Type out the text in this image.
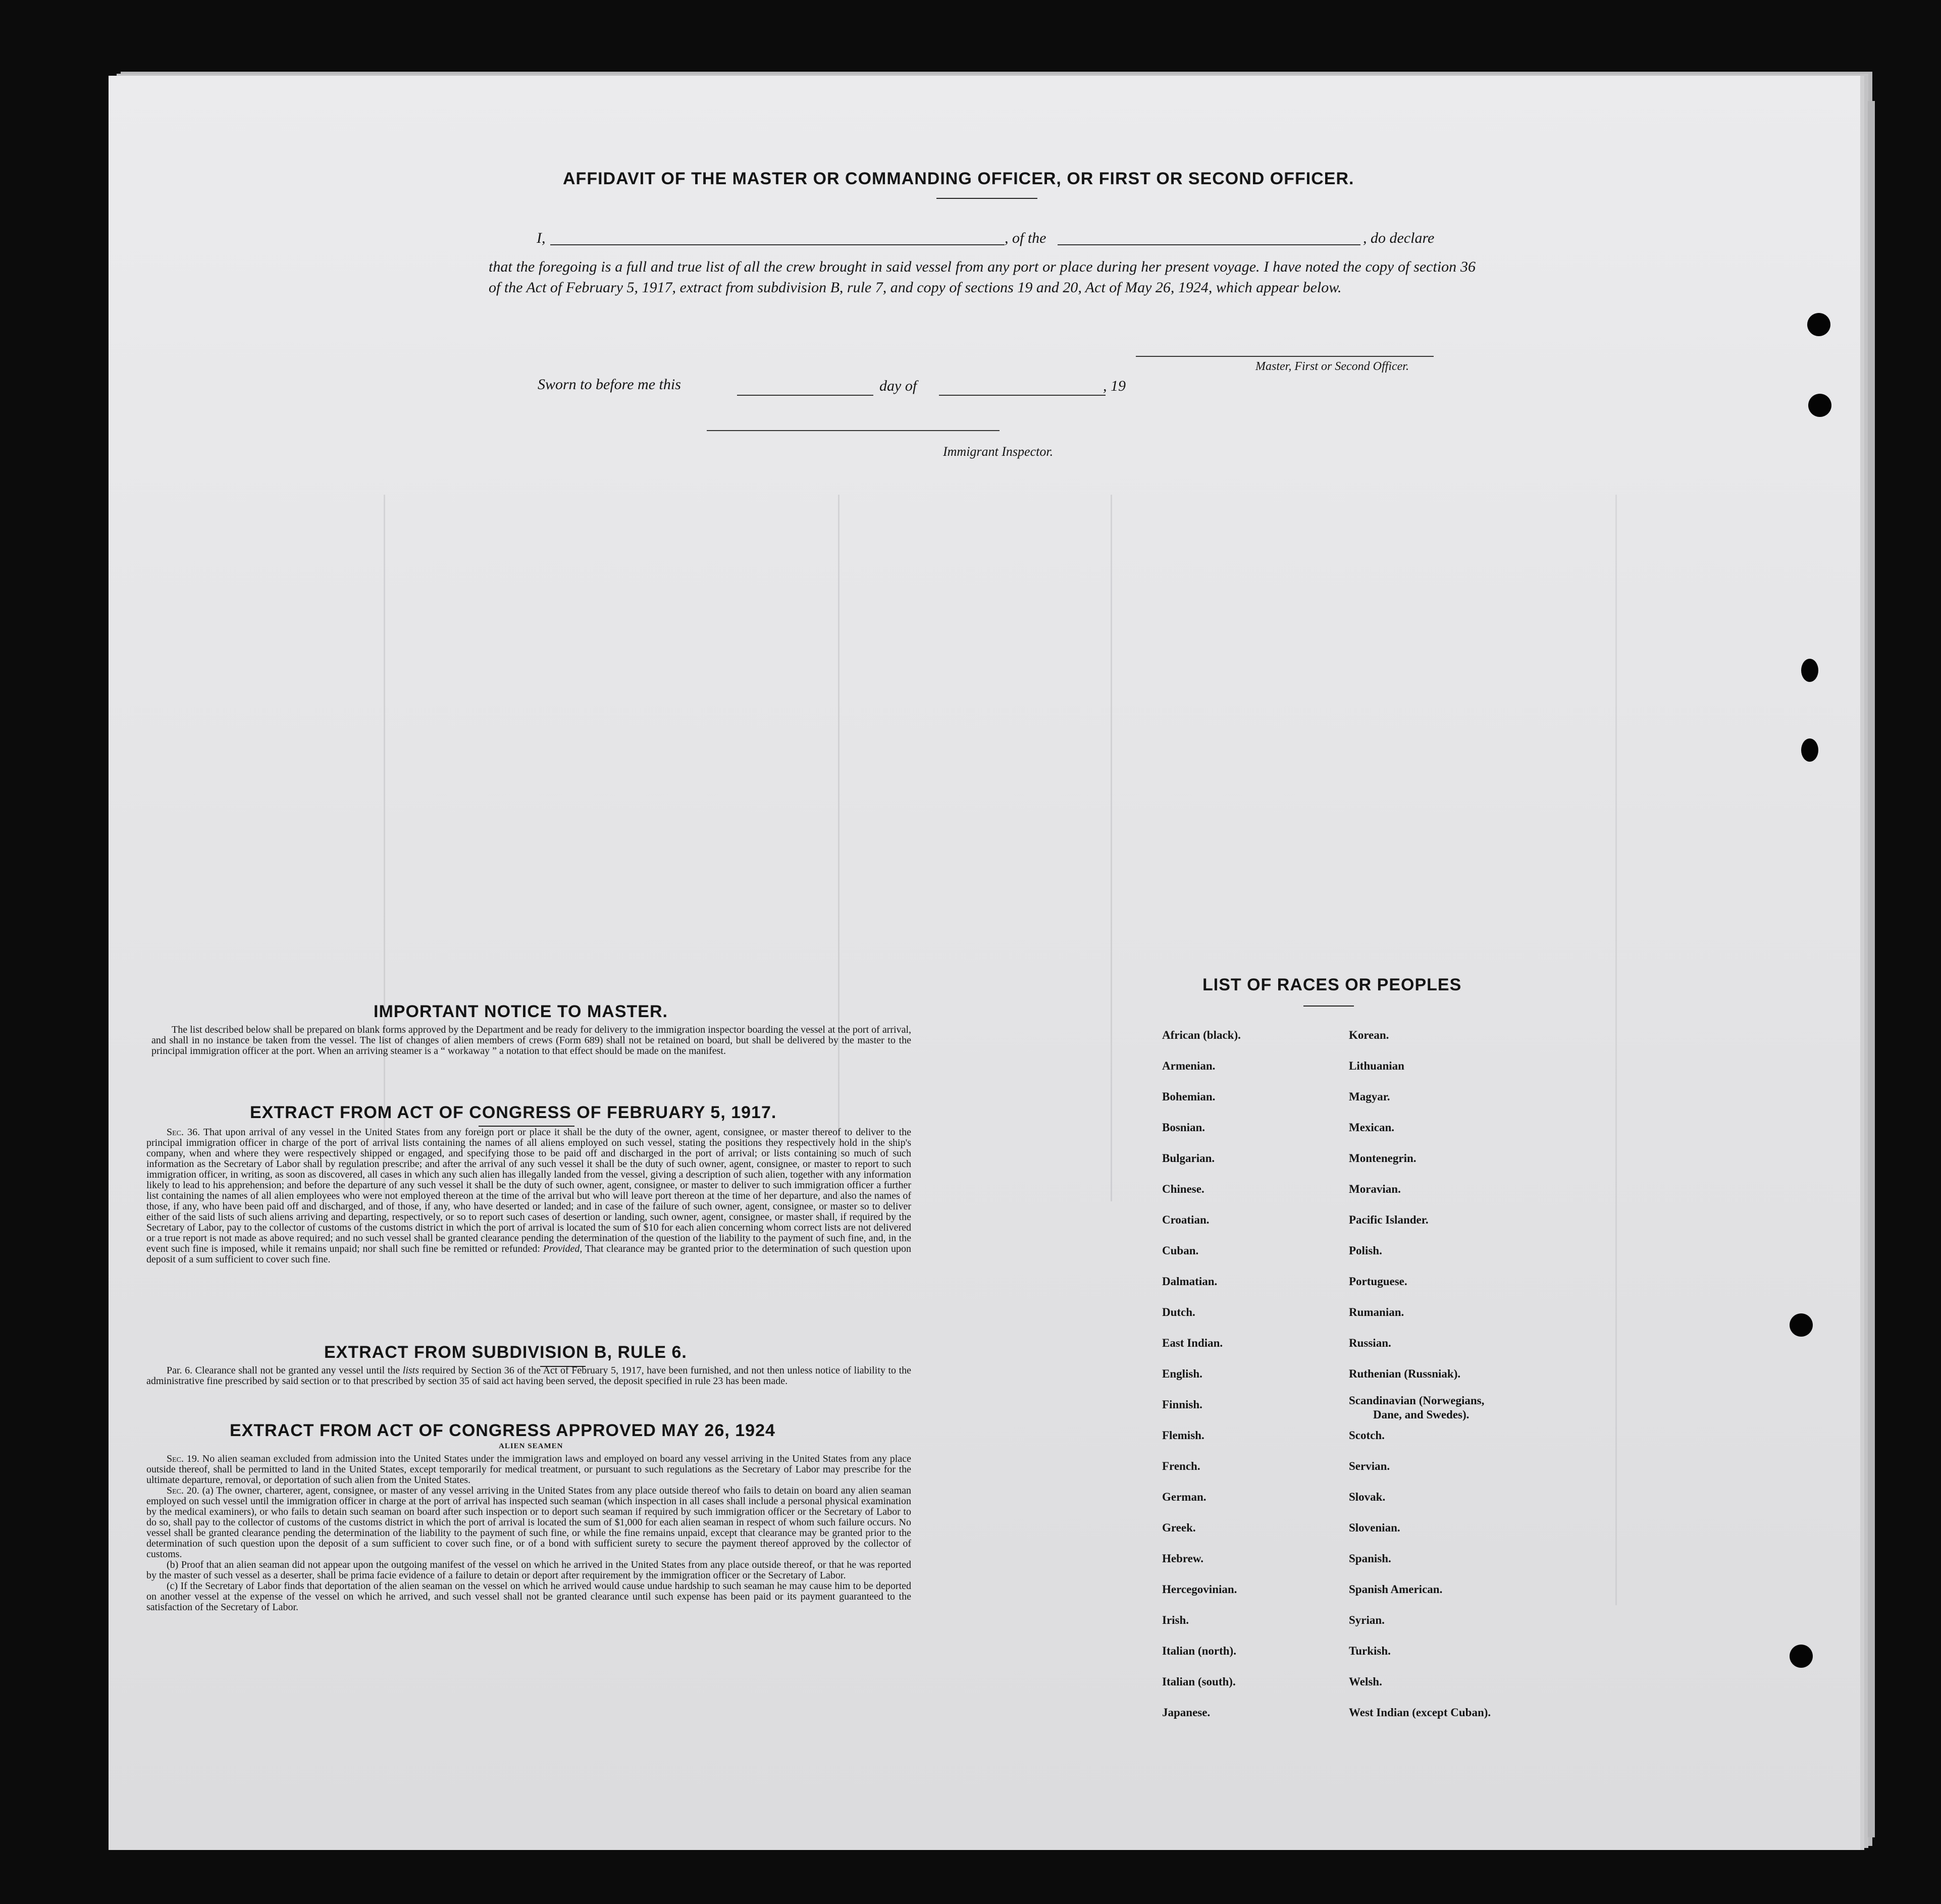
AFFIDAVIT OF THE MASTER OR COMMANDING OFFICER, OR FIRST OR SECOND OFFICER.
I,	, of the	, do declare
that the foregoing is a full and true list of all the crew brought in said vessel from any port or place during her present voyage. I have noted the copy of section 36 of the Act of February 5, 1917, extract from subdivision B, rule 7, and copy of sections 19 and 20, Act of May 26, 1924, which appear below.
Master, First or Second Officer.
Sworn to before me this	day of	, 19
Immigrant Inspector.
IMPORTANT NOTICE TO MASTER.

The list described below shall be prepared on blank forms approved by the Department and be ready for delivery to the immigration inspector boarding the vessel at the port of arrival, and shall in no instance be taken from the vessel. The list of changes of alien members of crews (Form 689) shall not be retained on board, but shall be delivered by the master to the principal immigration officer at the port. When an arriving steamer is a “ workaway ” a notation to that effect should be made on the manifest.

EXTRACT FROM ACT OF CONGRESS OF FEBRUARY 5, 1917.

Sec. 36. That upon arrival of any vessel in the United States from any foreign port or place it shall be the duty of the owner, agent, consignee, or master thereof to deliver to the principal immigration officer in charge of the port of arrival lists containing the names of all aliens employed on such vessel, stating the positions they respectively hold in the ship's company, when and where they were respectively shipped or engaged, and specifying those to be paid off and discharged in the port of arrival; or lists containing so much of such information as the Secretary of Labor shall by regulation prescribe; and after the arrival of any such vessel it shall be the duty of such owner, agent, consignee, or master to report to such immigration officer, in writing, as soon as discovered, all cases in which any such alien has illegally landed from the vessel, giving a description of such alien, together with any information likely to lead to his apprehension; and before the departure of any such vessel it shall be the duty of such owner, agent, consignee, or master to deliver to such immigration officer a further list containing the names of all alien employees who were not employed thereon at the time of the arrival but who will leave port thereon at the time of her departure, and also the names of those, if any, who have been paid off and discharged, and of those, if any, who have deserted or landed; and in case of the failure of such owner, agent, consignee, or master so to deliver either of the said lists of such aliens arriving and departing, respectively, or so to report such cases of desertion or landing, such owner, agent, consignee, or master shall, if required by the Secretary of Labor, pay to the collector of customs of the customs district in which the port of arrival is located the sum of $10 for each alien concerning whom correct lists are not delivered or a true report is not made as above required; and no such vessel shall be granted clearance pending the determination of the question of the liability to the payment of such fine, and, in the event such fine is imposed, while it remains unpaid; nor shall such fine be remitted or refunded: Provided, That clearance may be granted prior to the determination of such question upon deposit of a sum sufficient to cover such fine.

EXTRACT FROM SUBDIVISION B, RULE 6.

Par. 6. Clearance shall not be granted any vessel until the lists required by Section 36 of the Act of February 5, 1917, have been furnished, and not then unless notice of liability to the administrative fine prescribed by said section or to that prescribed by section 35 of said act having been served, the deposit specified in rule 23 has been made.

EXTRACT FROM ACT OF CONGRESS APPROVED MAY 26, 1924
ALIEN SEAMEN

Sec. 19. No alien seaman excluded from admission into the United States under the immigration laws and employed on board any vessel arriving in the United States from any place outside thereof, shall be permitted to land in the United States, except temporarily for medical treatment, or pursuant to such regulations as the Secretary of Labor may prescribe for the ultimate departure, removal, or deportation of such alien from the United States.

Sec. 20. (a) The owner, charterer, agent, consignee, or master of any vessel arriving in the United States from any place outside thereof who fails to detain on board any alien seaman employed on such vessel until the immigration officer in charge at the port of arrival has inspected such seaman (which inspection in all cases shall include a personal physical examination by the medical examiners), or who fails to detain such seaman on board after such inspection or to deport such seaman if required by such immigration officer or the Secretary of Labor to do so, shall pay to the collector of customs of the customs district in which the port of arrival is located the sum of $1,000 for each alien seaman in respect of whom such failure occurs. No vessel shall be granted clearance pending the determination of the liability to the payment of such fine, or while the fine remains unpaid, except that clearance may be granted prior to the determination of such question upon the deposit of a sum sufficient to cover such fine, or of a bond with sufficient surety to secure the payment thereof approved by the collector of customs.

(b) Proof that an alien seaman did not appear upon the outgoing manifest of the vessel on which he arrived in the United States from any place outside thereof, or that he was reported by the master of such vessel as a deserter, shall be prima facie evidence of a failure to detain or deport after requirement by the immigration officer or the Secretary of Labor.

(c) If the Secretary of Labor finds that deportation of the alien seaman on the vessel on which he arrived would cause undue hardship to such seaman he may cause him to be deported on another vessel at the expense of the vessel on which he arrived, and such vessel shall not be granted clearance until such expense has been paid or its payment guaranteed to the satisfaction of the Secretary of Labor.

LIST OF RACES OR PEOPLES
African (black).
Armenian.
Bohemian.
Bosnian.
Bulgarian.
Chinese.
Croatian.
Cuban.
Dalmatian.
Dutch.
East Indian.
English.
Finnish.
Flemish.
French.
German.
Greek.
Hebrew.
Hercegovinian.
Irish.
Italian (north).
Italian (south).
Japanese.
Korean.
Lithuanian
Magyar.
Mexican.
Montenegrin.
Moravian.
Pacific Islander.
Polish.
Portuguese.
Rumanian.
Russian.
Ruthenian (Russniak).
Scandinavian (Norwegians,
Dane, and Swedes).
Scotch.
Servian.
Slovak.
Slovenian.
Spanish.
Spanish American.
Syrian.
Turkish.
Welsh.
West Indian (except Cuban).
